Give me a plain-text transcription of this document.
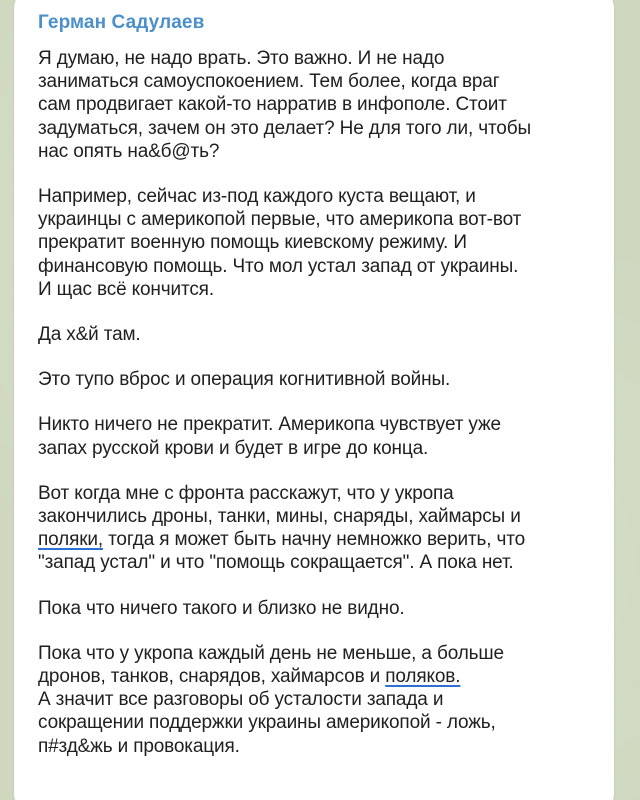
Герман Садулаев

Я думаю, не надо врать. Это важно. И не надо
заниматься самоуспокоением. Тем более, когда враг
сам продвигает какой-то нарратив в инфополе. Стоит
задуматься, зачем он это делает? Не для того ли, чтобы
нас опять на&б@ть?

Например, сейчас из-под каждого куста вещают, и
украинцы с америкопой первые, что америкопа вот-вот
прекратит военную помощь киевскому режиму. И
финансовую помощь. Что мол устал запад от украины.
И щас всё кончится.

Да х&й там.

Это тупо вброс и операция когнитивной войны.

Никто ничего не прекратит. Америкопа чувствует уже
запах русской крови и будет в игре до конца.

Вот когда мне с фронта расскажут, что у укропа
закончились дроны, танки, мины, снаряды, хаймарсы и
поляки, тогда я может быть начну немножко верить, что
"запад устал" и что "помощь сокращается". А пока нет.

Пока что ничего такого и близко не видно.

Пока что у укропа каждый день не меньше, а больше
дронов, танков, снарядов, хаймарсов и поляков.
А значит все разговоры об усталости запада и
сокращении поддержки украины америкопой - ложь,
п#зд&жь и провокация.
